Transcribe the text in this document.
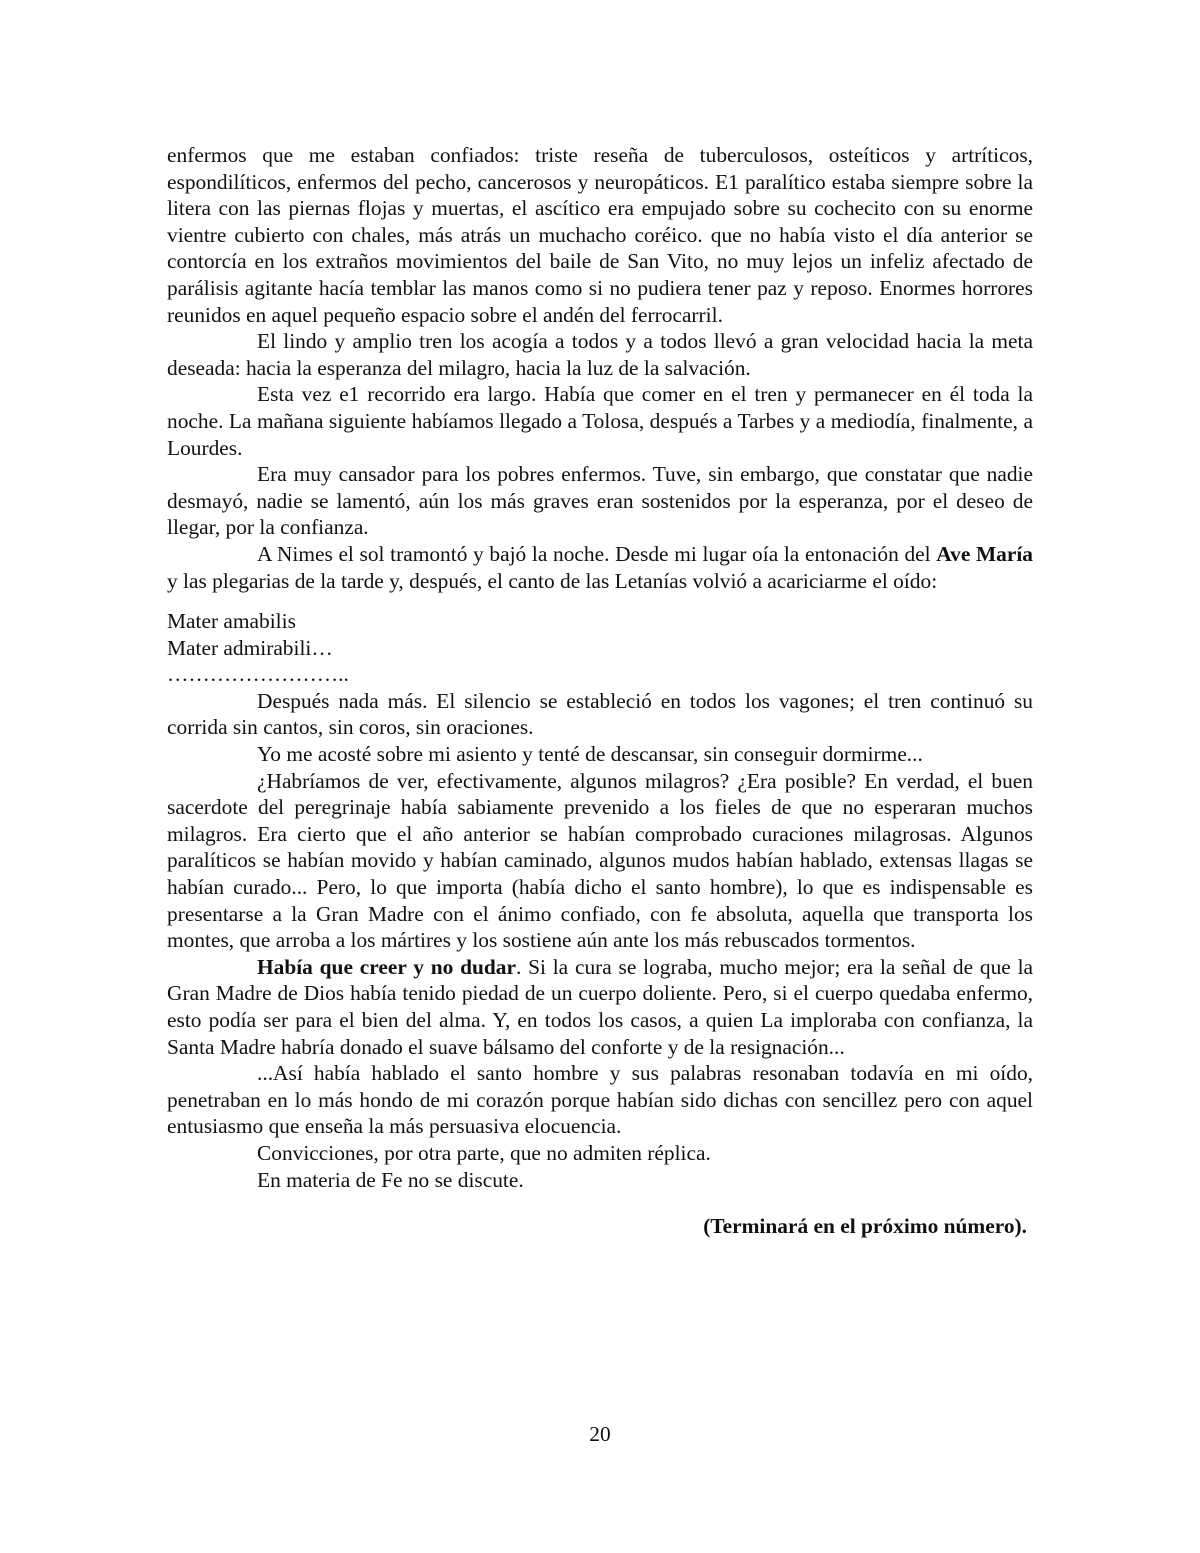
enfermos que me estaban confiados: triste reseña de tuberculosos, osteíticos y artríticos, espondilíticos, enfermos del pecho, cancerosos y neuropáticos. E1 paralítico estaba siempre sobre la litera con las piernas flojas y muertas, el ascítico era empujado sobre su cochecito con su enorme vientre cubierto con chales, más atrás un muchacho coréico. que no había visto el día anterior se contorcía en los extraños movimientos del baile de San Vito, no muy lejos un infeliz afectado de parálisis agitante hacía temblar las manos como si no pudiera tener paz y reposo. Enormes horrores reunidos en aquel pequeño espacio sobre el andén del ferrocarril.

El lindo y amplio tren los acogía a todos y a todos llevó a gran velocidad hacia la meta deseada: hacia la esperanza del milagro, hacia la luz de la salvación.

Esta vez e1 recorrido era largo. Había que comer en el tren y permanecer en él toda la noche. La mañana siguiente habíamos llegado a Tolosa, después a Tarbes y a mediodía, finalmente, a Lourdes.

Era muy cansador para los pobres enfermos. Tuve, sin embargo, que constatar que nadie desmayó, nadie se lamentó, aún los más graves eran sostenidos por la esperanza, por el deseo de llegar, por la confianza.

A Nimes el sol tramontó y bajó la noche. Desde mi lugar oía la entonación del Ave María y las plegarias de la tarde y, después, el canto de las Letanías volvió a acariciarme el oído:

Mater amabilis
Mater admirabili…
……………………..

Después nada más. El silencio se estableció en todos los vagones; el tren continuó su corrida sin cantos, sin coros, sin oraciones.

Yo me acosté sobre mi asiento y tenté de descansar, sin conseguir dormirme...

¿Habríamos de ver, efectivamente, algunos milagros? ¿Era posible? En verdad, el buen sacerdote del peregrinaje había sabiamente prevenido a los fieles de que no esperaran muchos milagros. Era cierto que el año anterior se habían comprobado curaciones milagrosas. Algunos paralíticos se habían movido y habían caminado, algunos mudos habían hablado, extensas llagas se habían curado... Pero, lo que importa (había dicho el santo hombre), lo que es indispensable es presentarse a la Gran Madre con el ánimo confiado, con fe absoluta, aquella que transporta los montes, que arroba a los mártires y los sostiene aún ante los más rebuscados tormentos.

Había que creer y no dudar. Si la cura se lograba, mucho mejor; era la señal de que la Gran Madre de Dios había tenido piedad de un cuerpo doliente. Pero, si el cuerpo quedaba enfermo, esto podía ser para el bien del alma. Y, en todos los casos, a quien La imploraba con confianza, la Santa Madre habría donado el suave bálsamo del conforte y de la resignación...

...Así había hablado el santo hombre y sus palabras resonaban todavía en mi oído, penetraban en lo más hondo de mi corazón porque habían sido dichas con sencillez pero con aquel entusiasmo que enseña la más persuasiva elocuencia.

Convicciones, por otra parte, que no admiten réplica.

En materia de Fe no se discute.

(Terminará en el próximo número).

20
